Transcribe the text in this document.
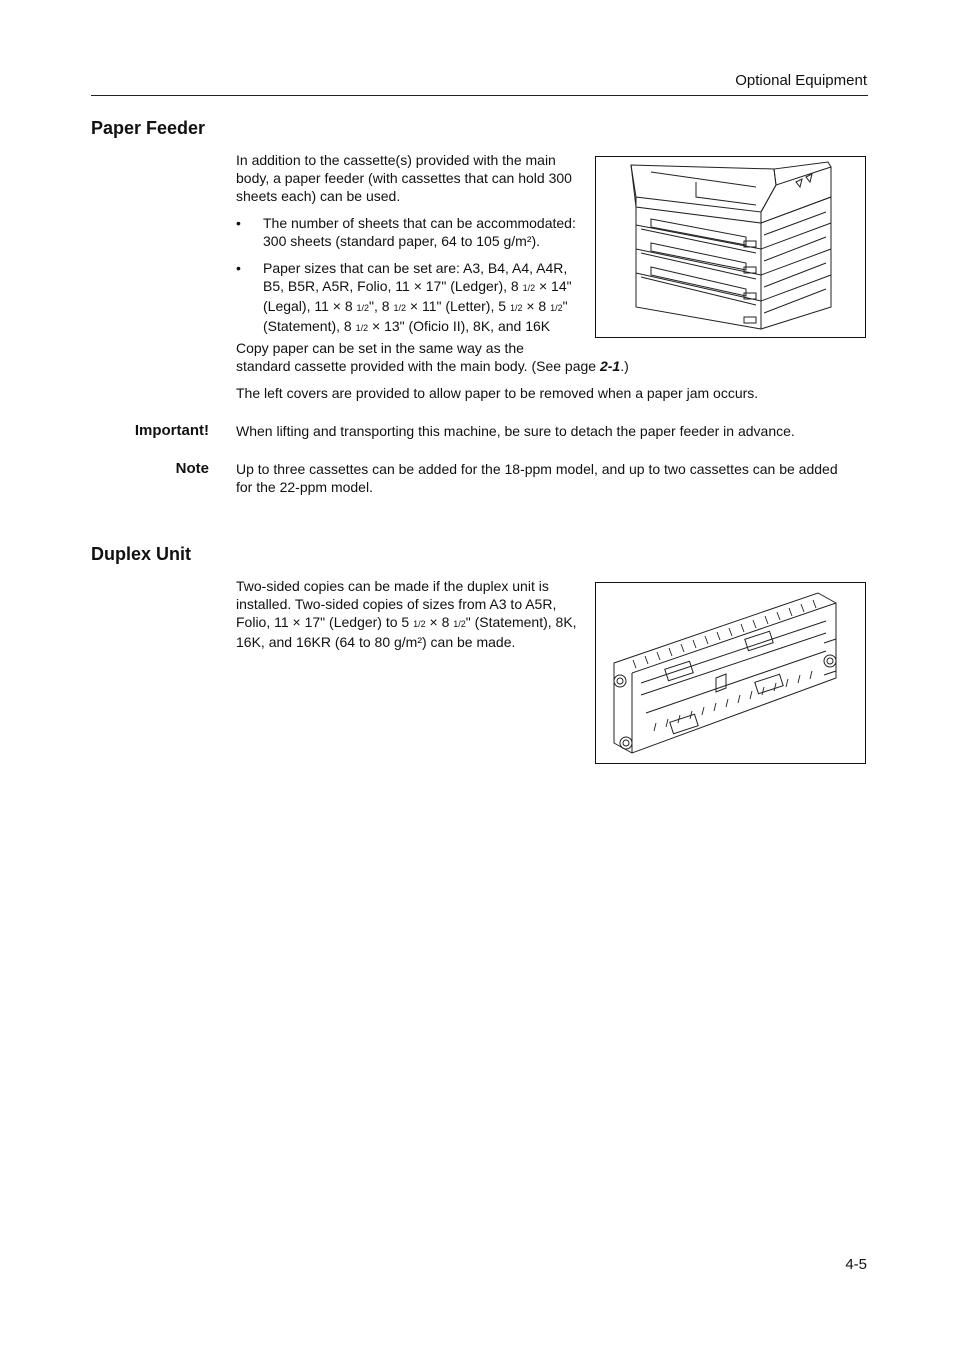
Optional Equipment
Paper Feeder
In addition to the cassette(s) provided with the main
body, a paper feeder (with cassettes that can hold 300
sheets each) can be used.
• The number of sheets that can be accommodated:
300 sheets (standard paper, 64 to 105 g/m²).
• Paper sizes that can be set are: A3, B4, A4, A4R,
B5, B5R, A5R, Folio, 11 × 17" (Ledger), 8 1/2 × 14"
(Legal), 11 × 8 1/2", 8 1/2 × 11" (Letter), 5 1/2 × 8 1/2"
(Statement), 8 1/2 × 13" (Oficio II), 8K, and 16K
Copy paper can be set in the same way as the
standard cassette provided with the main body. (See page 2-1.)
The left covers are provided to allow paper to be removed when a paper jam occurs.
Important! When lifting and transporting this machine, be sure to detach the paper feeder in advance.
Note Up to three cassettes can be added for the 18-ppm model, and up to two cassettes can be added
for the 22-ppm model.
Duplex Unit
Two-sided copies can be made if the duplex unit is
installed. Two-sided copies of sizes from A3 to A5R,
Folio, 11 × 17" (Ledger) to 5 1/2 × 8 1/2" (Statement), 8K,
16K, and 16KR (64 to 80 g/m²) can be made.
4-5
